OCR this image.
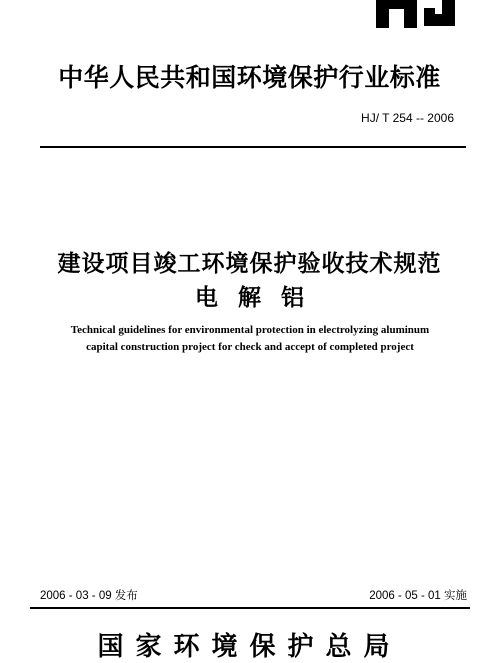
中华人民共和国环境保护行业标准
HJ/ T 254 -- 2006
建设项目竣工环境保护验收技术规范
电解铝
Technical guidelines for environmental protection in electrolyzing aluminum capital construction project for check and accept of completed project
2006 - 03 - 09 发布	2006 - 05 - 01 实施
国家环境保护总局
